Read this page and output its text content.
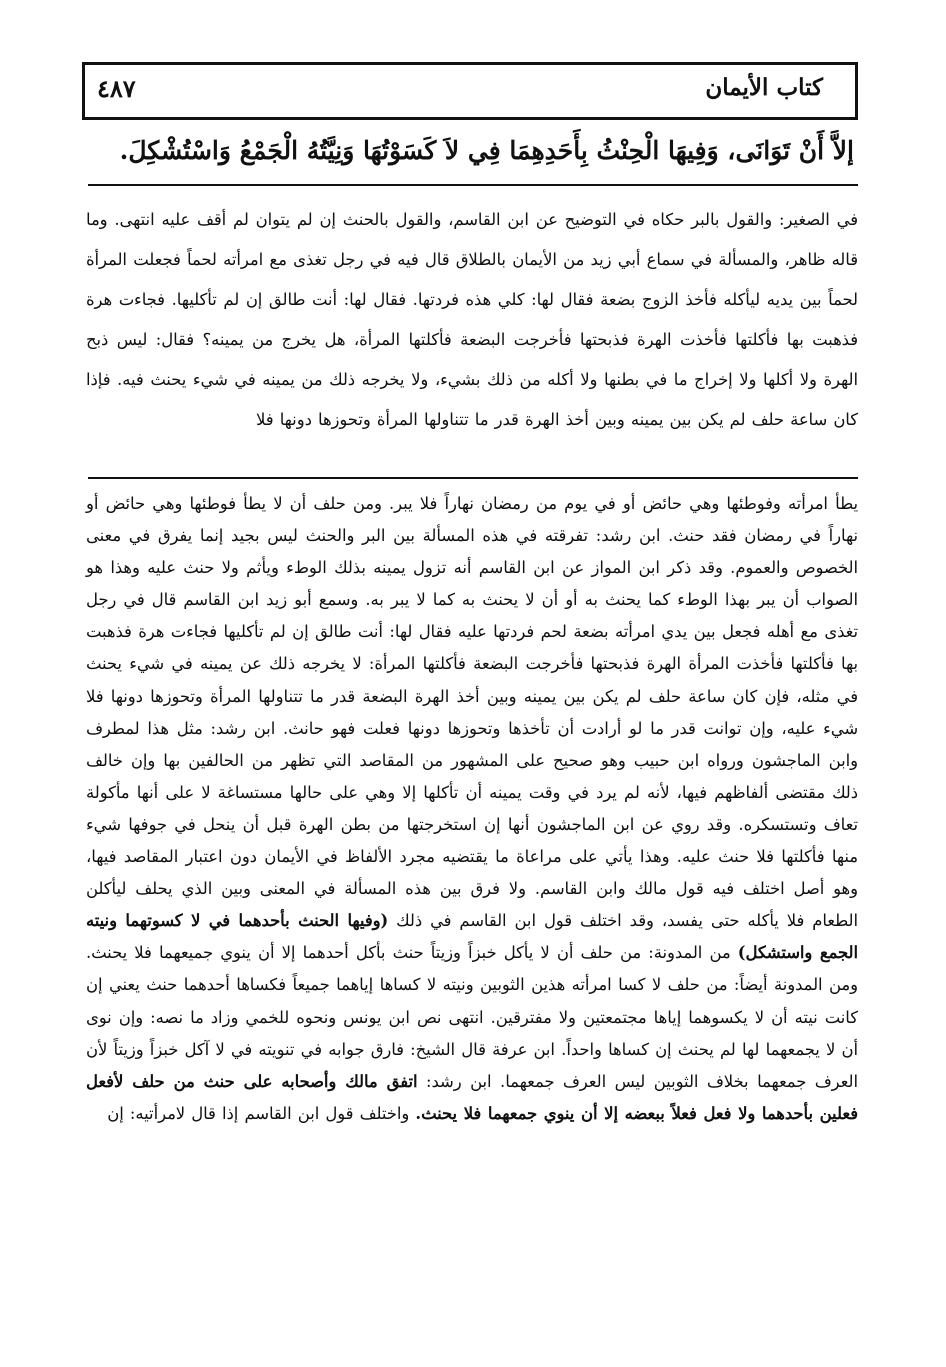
كتاب الأيمان
٤٨٧
إلاَّ أَنْ تَوَانَى، وَفِيهَا الْحِنْثُ بِأَحَدِهِمَا فِي لاَ كَسَوْتُهَا وَنِيَّتُهُ الْجَمْعُ وَاسْتُشْكِلَ.
في الصغير: والقول بالبر حكاه في التوضيح عن ابن القاسم، والقول بالحنث إن لم يتوان لم أقف عليه انتهى. وما قاله ظاهر، والمسألة في سماع أبي زيد من الأيمان بالطلاق قال فيه في رجل تغذى مع امرأته لحماً فجعلت المرأة لحماً بين يديه ليأكله فأخذ الزوج بضعة فقال لها: كلي هذه فردتها. فقال لها: أنت طالق إن لم تأكليها. فجاءت هرة فذهبت بها فأكلتها فأخذت الهرة فذبحتها فأخرجت البضعة فأكلتها المرأة، هل يخرج من يمينه؟ فقال: ليس ذبح الهرة ولا أكلها ولا إخراج ما في بطنها ولا أكله من ذلك بشيء، ولا يخرجه ذلك من يمينه في شيء يحنث فيه. فإذا كان ساعة حلف لم يكن بين يمينه وبين أخذ الهرة قدر ما تتناولها المرأة وتحوزها دونها فلا
يطأ امرأته وفوطئها وهي حائض أو في يوم من رمضان نهاراً فلا يبر. ومن حلف أن لا يطأ فوطئها وهي حائض أو نهاراً في رمضان فقد حنث. ابن رشد: تفرقته في هذه المسألة بين البر والحنث ليس بجيد إنما يفرق في معنى الخصوص والعموم. وقد ذكر ابن المواز عن ابن القاسم أنه تزول يمينه بذلك الوطء ويأثم ولا حنث عليه وهذا هو الصواب أن يبر بهذا الوطء كما يحنث به أو أن لا يحنث به كما لا يبر به. وسمع أبو زيد ابن القاسم قال في رجل تغذى مع أهله فجعل بين يدي امرأته بضعة لحم فردتها عليه فقال لها: أنت طالق إن لم تأكليها فجاءت هرة فذهبت بها فأكلتها فأخذت المرأة الهرة فذبحتها فأخرجت البضعة فأكلتها المرأة: لا يخرجه ذلك عن يمينه في شيء يحنث في مثله، فإن كان ساعة حلف لم يكن بين يمينه وبين أخذ الهرة البضعة قدر ما تتناولها المرأة وتحوزها دونها فلا شيء عليه، وإن توانت قدر ما لو أرادت أن تأخذها وتحوزها دونها فعلت فهو حانث. ابن رشد: مثل هذا لمطرف وابن الماجشون ورواه ابن حبيب وهو صحيح على المشهور من المقاصد التي تظهر من الحالفين بها وإن خالف ذلك مقتضى ألفاظهم فيها، لأنه لم يرد في وقت يمينه أن تأكلها إلا وهي على حالها مستساغة لا على أنها مأكولة تعاف وتستسكره. وقد روي عن ابن الماجشون أنها إن استخرجتها من بطن الهرة قبل أن ينحل في جوفها شيء منها فأكلتها فلا حنث عليه. وهذا يأتي على مراعاة ما يقتضيه مجرد الألفاظ في الأيمان دون اعتبار المقاصد فيها، وهو أصل اختلف فيه قول مالك وابن القاسم. ولا فرق بين هذه المسألة في المعنى وبين الذي يحلف ليأكلن الطعام فلا يأكله حتى يفسد، وقد اختلف قول ابن القاسم في ذلك (وفيها الحنث بأحدهما في لا كسوتهما ونيته الجمع واستشكل) من المدونة: من حلف أن لا يأكل خبزاً وزيتاً حنث بأكل أحدهما إلا أن ينوي جميعهما فلا يحنث. ومن المدونة أيضاً: من حلف لا كسا امرأته هذين الثوبين ونيته لا كساها إياهما جميعاً فكساها أحدهما حنث يعني إن كانت نيته أن لا يكسوهما إياها مجتمعتين ولا مفترقين. انتهى نص ابن يونس ونحوه للخمي وزاد ما نصه: وإن نوى أن لا يجمعهما لها لم يحنث إن كساها واحداً. ابن عرفة قال الشيخ: فارق جوابه في تنويته في لا آكل خبزاً وزيتاً لأن العرف جمعهما بخلاف الثوبين ليس العرف جمعهما. ابن رشد: اتفق مالك وأصحابه على حنث من حلف لأفعل فعلين بأحدهما ولا فعل فعلاً ببعضه إلا أن ينوي جمعهما فلا يحنث. واختلف قول ابن القاسم إذا قال لامرأتيه: إن
